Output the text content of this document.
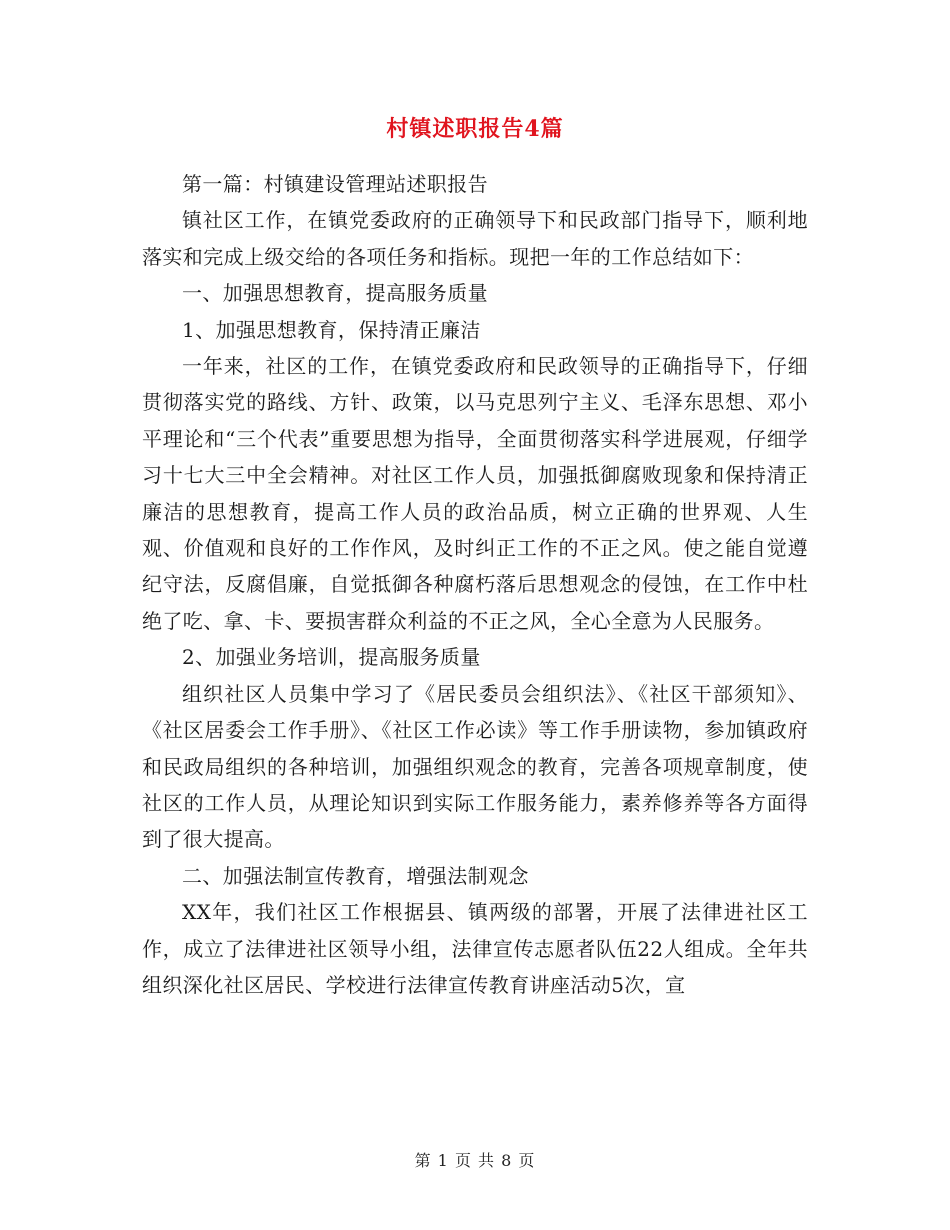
村镇述职报告4篇

第一篇：村镇建设管理站述职报告

镇社区工作，在镇党委政府的正确领导下和民政部门指导下，顺利地落实和完成上级交给的各项任务和指标。现把一年的工作总结如下：

一、加强思想教育，提高服务质量

1、加强思想教育，保持清正廉洁

一年来，社区的工作，在镇党委政府和民政领导的正确指导下，仔细贯彻落实党的路线、方针、政策，以马克思列宁主义、毛泽东思想、邓小平理论和“三个代表”重要思想为指导，全面贯彻落实科学进展观，仔细学习十七大三中全会精神。对社区工作人员，加强抵御腐败现象和保持清正廉洁的思想教育，提高工作人员的政治品质，树立正确的世界观、人生观、价值观和良好的工作作风，及时纠正工作的不正之风。使之能自觉遵纪守法，反腐倡廉，自觉抵御各种腐朽落后思想观念的侵蚀，在工作中杜绝了吃、拿、卡、要损害群众利益的不正之风，全心全意为人民服务。

2、加强业务培训，提高服务质量

组织社区人员集中学习了《居民委员会组织法》、《社区干部须知》、《社区居委会工作手册》、《社区工作必读》等工作手册读物，参加镇政府和民政局组织的各种培训，加强组织观念的教育，完善各项规章制度，使社区的工作人员，从理论知识到实际工作服务能力，素养修养等各方面得到了很大提高。

二、加强法制宣传教育，增强法制观念

XX年，我们社区工作根据县、镇两级的部署，开展了法律进社区工作，成立了法律进社区领导小组，法律宣传志愿者队伍22人组成。全年共组织深化社区居民、学校进行法律宣传教育讲座活动5次，宣

第 1 页 共 8 页
